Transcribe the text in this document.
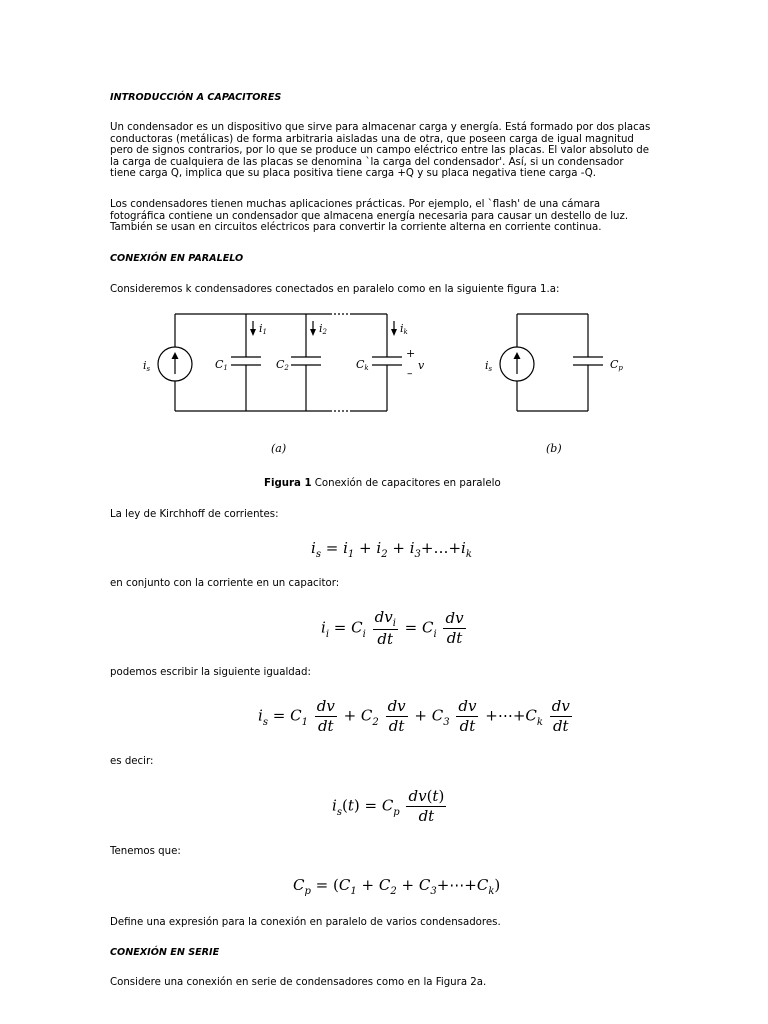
INTRODUCCIÓN A CAPACITORES
Un condensador es un dispositivo que sirve para almacenar carga y energía. Está formado por dos placas
conductoras (metálicas) de forma arbitraria aisladas una de otra, que poseen carga de igual magnitud
pero de signos contrarios, por lo que se produce un campo eléctrico entre las placas. El valor absoluto de
la carga de cualquiera de las placas se denomina `la carga del condensador'. Así, si un condensador
tiene carga Q, implica que su placa positiva tiene carga +Q y su placa negativa tiene carga -Q.
Los condensadores tienen muchas aplicaciones prácticas. Por ejemplo, el `flash' de una cámara
fotográfica contiene un condensador que almacena energía necesaria para causar un destello de luz.
También se usan en circuitos eléctricos para convertir la corriente alterna en corriente continua.
CONEXIÓN EN PARALELO
Consideremos k condensadores conectados en paralelo como en la siguiente figura 1.a:
is
i1	i2	ik
C1	C2	Ck
+
–
v	is	Cp
(a)	(b)
Figura 1 Conexión de capacitores en paralelo
La ley de Kirchhoff de corrientes:
$i_s = i_1 + i_2$ + $i_3+\dots+i_k$
en conjunto con la corriente en un capacitor:
$i_i = C_i \frac{dv_i}{dt} = C_i \frac{dv}{dt}$
podemos escribir la siguiente igualdad:
$i_s = C_1 \frac{dv}{dt} + C_2 \frac{dv}{dt} + C_3 \frac{dv}{dt}$ $+\cdots+C_k \frac{dv}{dt}$
es decir:
$i_s(t) = C_p \frac{dv(t)}{dt}$
Tenemos que:
$C_p = (C_1 + C_2$ + $C_3+\cdots+C_k$)
Define una expresión para la conexión en paralelo de varios condensadores.
CONEXIÓN EN SERIE
Considere una conexión en serie de condensadores como en la Figura 2a.
